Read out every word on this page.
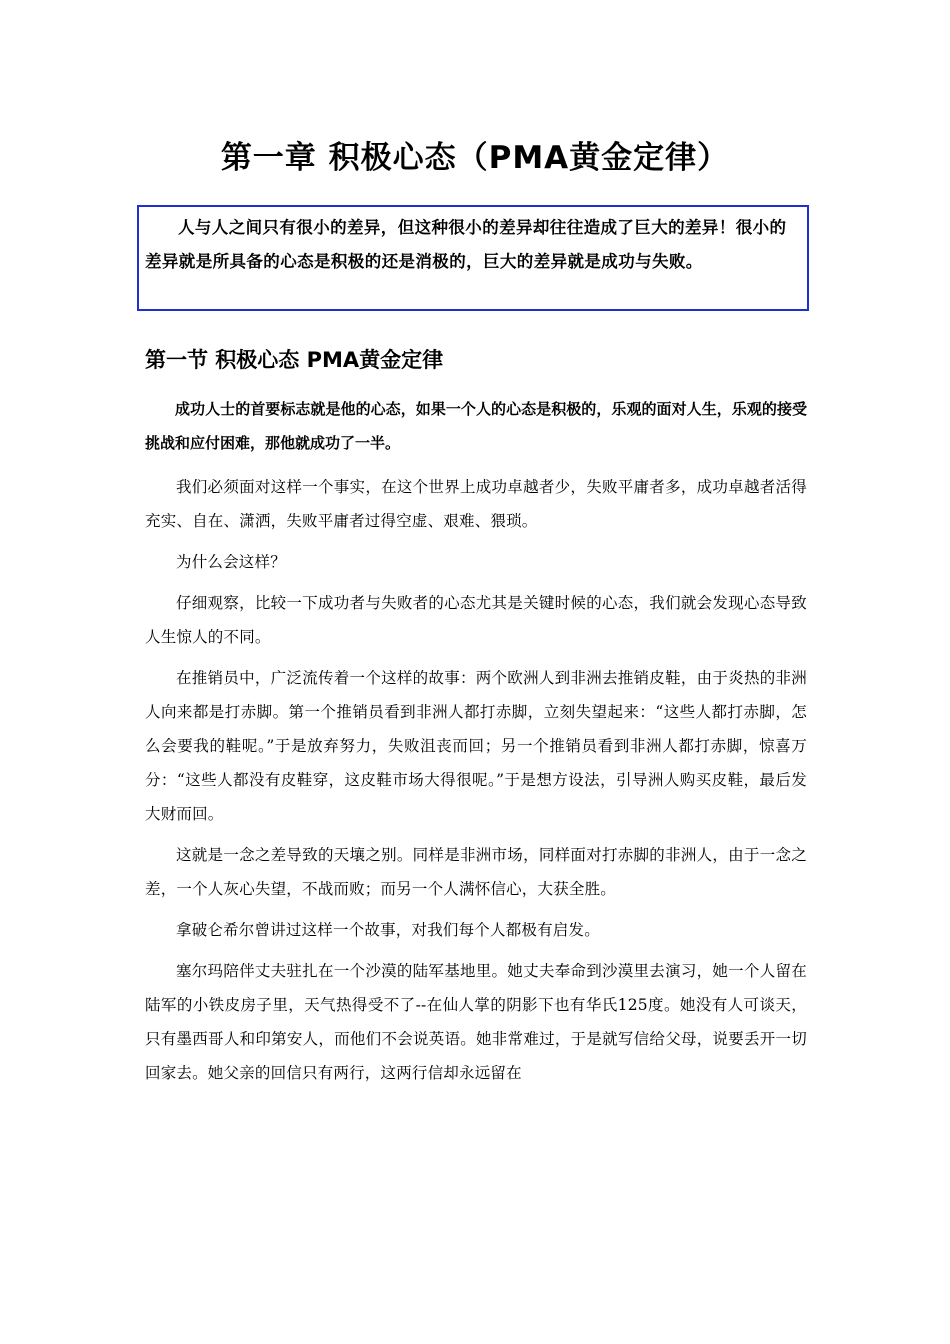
第一章 积极心态（PMA黄金定律）

人与人之间只有很小的差异，但这种很小的差异却往往造成了巨大的差异！很小的差异就是所具备的心态是积极的还是消极的，巨大的差异就是成功与失败。

第一节 积极心态 PMA黄金定律

成功人士的首要标志就是他的心态，如果一个人的心态是积极的，乐观的面对人生，乐观的接受挑战和应付困难，那他就成功了一半。

我们必须面对这样一个事实，在这个世界上成功卓越者少，失败平庸者多，成功卓越者活得充实、自在、潇洒，失败平庸者过得空虚、艰难、猥琐。

为什么会这样？

仔细观察，比较一下成功者与失败者的心态尤其是关键时候的心态，我们就会发现心态导致人生惊人的不同。

在推销员中，广泛流传着一个这样的故事：两个欧洲人到非洲去推销皮鞋，由于炎热的非洲人向来都是打赤脚。第一个推销员看到非洲人都打赤脚，立刻失望起来：“这些人都打赤脚，怎么会要我的鞋呢。”于是放弃努力，失败沮丧而回；另一个推销员看到非洲人都打赤脚，惊喜万分：“这些人都没有皮鞋穿，这皮鞋市场大得很呢。”于是想方设法，引导洲人购买皮鞋，最后发大财而回。

这就是一念之差导致的天壤之别。同样是非洲市场，同样面对打赤脚的非洲人，由于一念之差，一个人灰心失望，不战而败；而另一个人满怀信心，大获全胜。

拿破仑希尔曾讲过这样一个故事，对我们每个人都极有启发。

塞尔玛陪伴丈夫驻扎在一个沙漠的陆军基地里。她丈夫奉命到沙漠里去演习，她一个人留在陆军的小铁皮房子里，天气热得受不了--在仙人掌的阴影下也有华氏125度。她没有人可谈天，只有墨西哥人和印第安人，而他们不会说英语。她非常难过，于是就写信给父母，说要丢开一切回家去。她父亲的回信只有两行，这两行信却永远留在
